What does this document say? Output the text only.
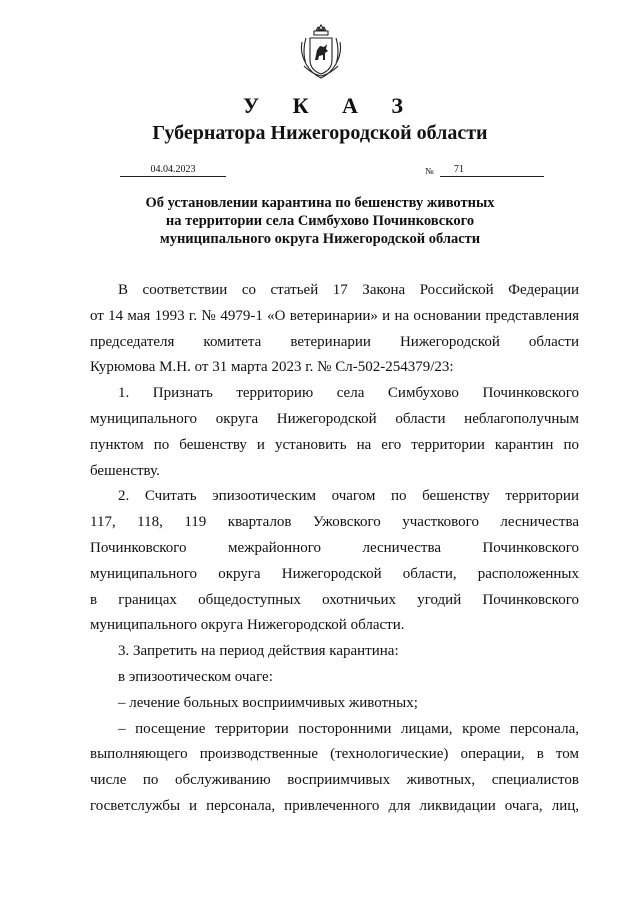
У К А З
Губернатора Нижегородской области
04.04.2023	№	71
Об установлении карантина по бешенству животных
на территории села Симбухово Починковского
муниципального округа Нижегородской области

В соответствии со статьей 17 Закона Российской Федерации
от 14 мая 1993 г. № 4979-1 «О ветеринарии» и на основании представления
председателя комитета ветеринарии Нижегородской области
Курюмова М.Н. от 31 марта 2023 г. № Сл-502-254379/23:

1. Признать территорию села Симбухово Починковского
муниципального округа Нижегородской области неблагополучным
пунктом по бешенству и установить на его территории карантин по
бешенству.

2. Считать эпизоотическим очагом по бешенству территории
117, 118, 119 кварталов Ужовского участкового лесничества
Починковского межрайонного лесничества Починковского
муниципального округа Нижегородской области, расположенных
в границах общедоступных охотничьих угодий Починковского
муниципального округа Нижегородской области.

3. Запретить на период действия карантина:

в эпизоотическом очаге:

– лечение больных восприимчивых животных;

– посещение территории посторонними лицами, кроме персонала,
выполняющего производственные (технологические) операции, в том
числе по обслуживанию восприимчивых животных, специалистов
госветслужбы и персонала, привлеченного для ликвидации очага, лиц,
